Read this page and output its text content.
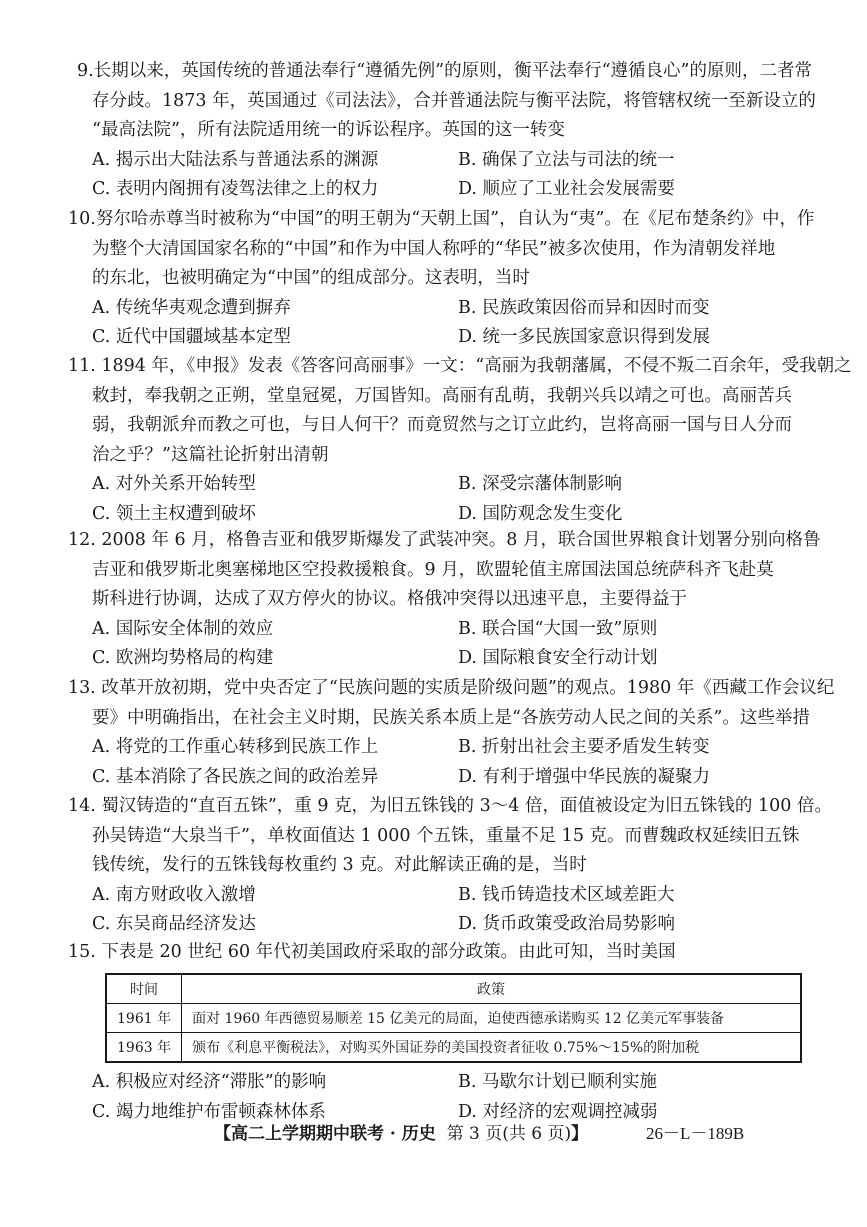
9.长期以来，英国传统的普通法奉行“遵循先例”的原则，衡平法奉行“遵循良心”的原则，二者常
存分歧。1873 年，英国通过《司法法》，合并普通法院与衡平法院，将管辖权统一至新设立的
“最高法院”，所有法院适用统一的诉讼程序。英国的这一转变
A. 揭示出大陆法系与普通法系的渊源	B. 确保了立法与司法的统一
C. 表明内阁拥有凌驾法律之上的权力	D. 顺应了工业社会发展需要
10.努尔哈赤尊当时被称为“中国”的明王朝为“天朝上国”，自认为“夷”。在《尼布楚条约》中，作
为整个大清国国家名称的“中国”和作为中国人称呼的“华民”被多次使用，作为清朝发祥地
的东北，也被明确定为“中国”的组成部分。这表明，当时
A. 传统华夷观念遭到摒弃	B. 民族政策因俗而异和因时而变
C. 近代中国疆域基本定型	D. 统一多民族国家意识得到发展
11. 1894 年，《申报》发表《答客问高丽事》一文：“高丽为我朝藩属，不侵不叛二百余年，受我朝之
敕封，奉我朝之正朔，堂皇冠冕，万国皆知。高丽有乱萌，我朝兴兵以靖之可也。高丽苦兵
弱，我朝派弁而教之可也，与日人何干？而竟贸然与之订立此约，岂将高丽一国与日人分而
治之乎？”这篇社论折射出清朝
A. 对外关系开始转型	B. 深受宗藩体制影响
C. 领土主权遭到破坏	D. 国防观念发生变化
12. 2008 年 6 月，格鲁吉亚和俄罗斯爆发了武装冲突。8 月，联合国世界粮食计划署分别向格鲁
吉亚和俄罗斯北奥塞梯地区空投救援粮食。9 月，欧盟轮值主席国法国总统萨科齐飞赴莫
斯科进行协调，达成了双方停火的协议。格俄冲突得以迅速平息，主要得益于
A. 国际安全体制的效应	B. 联合国“大国一致”原则
C. 欧洲均势格局的构建	D. 国际粮食安全行动计划
13. 改革开放初期，党中央否定了“民族问题的实质是阶级问题”的观点。1980 年《西藏工作会议纪
要》中明确指出，在社会主义时期，民族关系本质上是“各族劳动人民之间的关系”。这些举措
A. 将党的工作重心转移到民族工作上	B. 折射出社会主要矛盾发生转变
C. 基本消除了各民族之间的政治差异	D. 有利于增强中华民族的凝聚力
14. 蜀汉铸造的“直百五铢”，重 9 克，为旧五铢钱的 3～4 倍，面值被设定为旧五铢钱的 100 倍。
孙吴铸造“大泉当千”，单枚面值达 1 000 个五铢，重量不足 15 克。而曹魏政权延续旧五铢
钱传统，发行的五铢钱每枚重约 3 克。对此解读正确的是，当时
A. 南方财政收入激增	B. 钱币铸造技术区域差距大
C. 东吴商品经济发达	D. 货币政策受政治局势影响
15. 下表是 20 世纪 60 年代初美国政府采取的部分政策。由此可知，当时美国
时间	政策
1961 年	面对 1960 年西德贸易顺差 15 亿美元的局面，迫使西德承诺购买 12 亿美元军事装备
1963 年	颁布《利息平衡税法》，对购买外国证券的美国投资者征收 0.75%～15%的附加税
A. 积极应对经济“滞胀”的影响	B. 马歇尔计划已顺利实施
C. 竭力地维护布雷顿森林体系	D. 对经济的宏观调控减弱
【高二上学期期中联考 · 历史 第 3 页(共 6 页)】	26－L－189B
